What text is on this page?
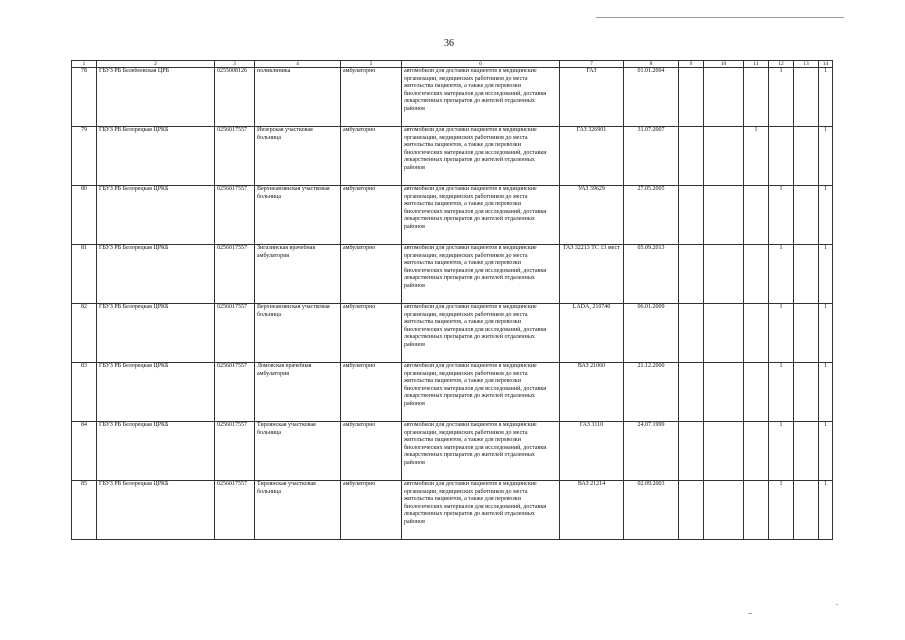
36
1	2	3	4	5	6	7	8	9	10	11	12	13	14
78	ГБУЗ РБ Белебеевская ЦРБ	0255008126	поликлиника	амбулаторно	автомобили для доставки пациентов в медицинские организации, медицинских работников до места жительства пациентов, а также для перевозки биологических материалов для исследований, доставки лекарственных препаратов до жителей отдаленных районов	ГАЗ	01.01.2004				1		1
79	ГБУЗ РБ Белорецкая ЦРКБ	0256017557	Инзерская участковая больница	амбулаторно	автомобили для доставки пациентов в медицинские организации, медицинских работников до места жительства пациентов, а также для перевозки биологических материалов для исследований, доставки лекарственных препаратов до жителей отдаленных районов	ГАЗ 326901	31.07.2007			1			1
80	ГБУЗ РБ Белорецкая ЦРКБ	0256017557	Верхнеавзянская участковая больница	амбулаторно	автомобили для доставки пациентов в медицинские организации, медицинских работников до места жительства пациентов, а также для перевозки биологических материалов для исследований, доставки лекарственных препаратов до жителей отдаленных районов	УАЗ 39629	27.05.2005				1		1
81	ГБУЗ РБ Белорецкая ЦРКБ	0256017557	Зигазинская врачебная амбулатория	амбулаторно	автомобили для доставки пациентов в медицинские организации, медицинских работников до места жительства пациентов, а также для перевозки биологических материалов для исследований, доставки лекарственных препаратов до жителей отдаленных районов	ГАЗ 32213 ТС 13 мест	05.09.2013				1		1
82	ГБУЗ РБ Белорецкая ЦРКБ	0256017557	Верхнеавзянская участковая больница	амбулаторно	автомобили для доставки пациентов в медицинские организации, медицинских работников до места жительства пациентов, а также для перевозки биологических материалов для исследований, доставки лекарственных препаратов до жителей отдаленных районов	LADA, 210740	06.01.2009				1		1
83	ГБУЗ РБ Белорецкая ЦРКБ	0256017557	Ломовская врачебная амбулатория	амбулаторно	автомобили для доставки пациентов в медицинские организации, медицинских работников до места жительства пациентов, а также для перевозки биологических материалов для исследований, доставки лекарственных препаратов до жителей отдаленных районов	ВАЗ 21060	21.12.2000				1		1
84	ГБУЗ РБ Белорецкая ЦРКБ	0256017557	Тирлянская участковая больница	амбулаторно	автомобили для доставки пациентов в медицинские организации, медицинских работников до места жительства пациентов, а также для перевозки биологических материалов для исследований, доставки лекарственных препаратов до жителей отдаленных районов	ГАЗ 3110	24.07.1999				1		1
85	ГБУЗ РБ Белорецкая ЦРКБ	0256017557	Тирлянская участковая больница	амбулаторно	автомобили для доставки пациентов в медицинские организации, медицинских работников до места жительства пациентов, а также для перевозки биологических материалов для исследований, доставки лекарственных препаратов до жителей отдаленных районов	ВАЗ 21214	02.09.2003				1		1
